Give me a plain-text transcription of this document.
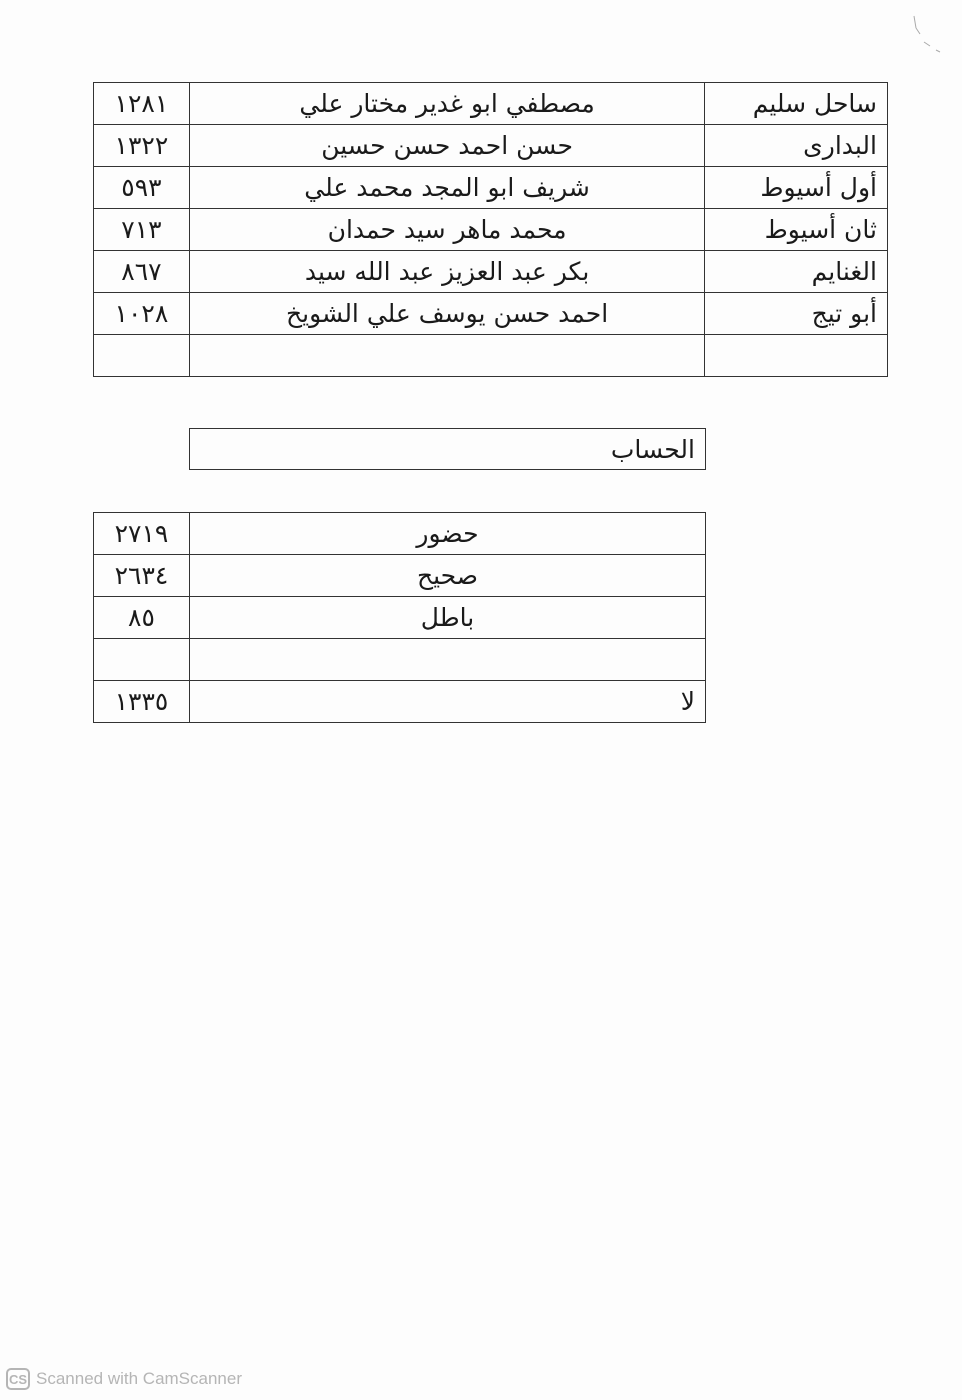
ساحل سليم	مصطفي ابو غدير مختار علي	١٢٨١
البدارى	حسن احمد حسن حسين	١٣٢٢
أول أسيوط	شريف ابو المجد محمد علي	٥٩٣
ثان أسيوط	محمد ماهر سيد حمدان	٧١٣
الغنايم	بكر عبد العزيز عبد الله سيد	٨٦٧
أبو تيج	احمد حسن يوسف علي الشويخ	١٠٢٨

الحساب
حضور	٢٧١٩
صحيح	٢٦٣٤
باطل	٨٥

لا	١٣٣٥
CS Scanned with CamScanner
